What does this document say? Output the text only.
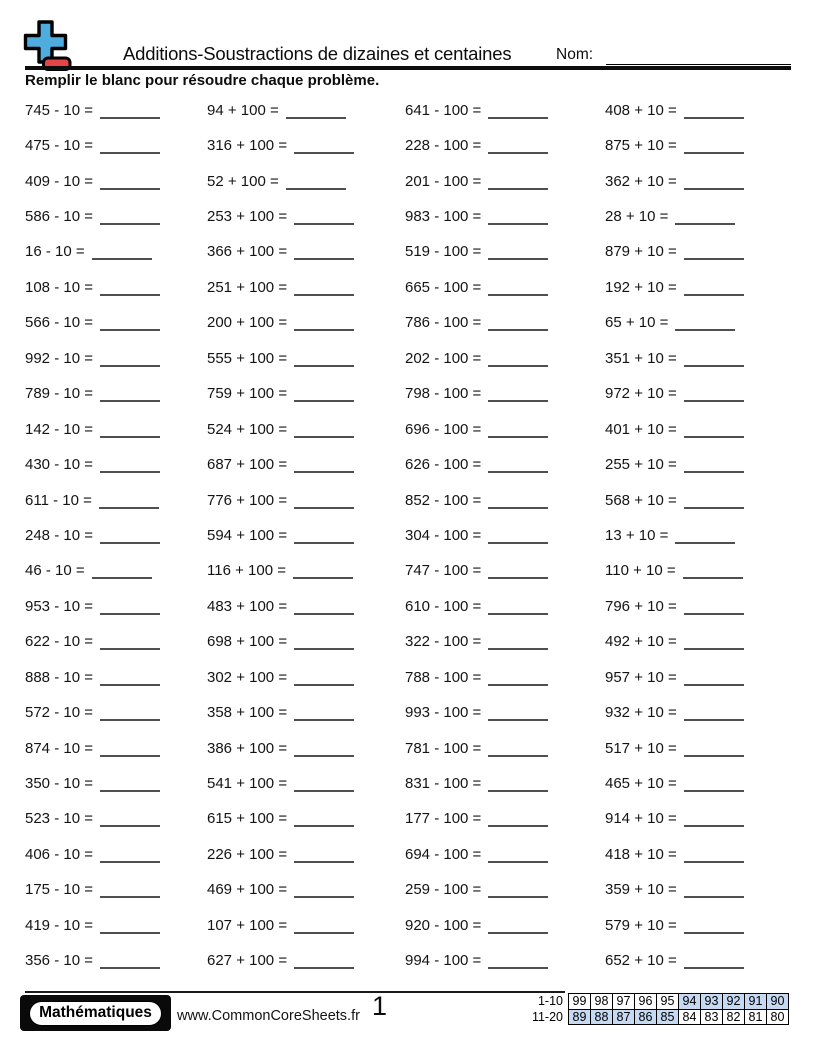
Additions-Soustractions de dizaines et centaines	Nom:

Remplir le blanc pour résoudre chaque problème.

745 - 10 =	94 + 100 =	641 - 100 =	408 + 10 =
475 - 10 =	316 + 100 =	228 - 100 =	875 + 10 =
409 - 10 =	52 + 100 =	201 - 100 =	362 + 10 =
586 - 10 =	253 + 100 =	983 - 100 =	28 + 10 =
16 - 10 =	366 + 100 =	519 - 100 =	879 + 10 =
108 - 10 =	251 + 100 =	665 - 100 =	192 + 10 =
566 - 10 =	200 + 100 =	786 - 100 =	65 + 10 =
992 - 10 =	555 + 100 =	202 - 100 =	351 + 10 =
789 - 10 =	759 + 100 =	798 - 100 =	972 + 10 =
142 - 10 =	524 + 100 =	696 - 100 =	401 + 10 =
430 - 10 =	687 + 100 =	626 - 100 =	255 + 10 =
611 - 10 =	776 + 100 =	852 - 100 =	568 + 10 =
248 - 10 =	594 + 100 =	304 - 100 =	13 + 10 =
46 - 10 =	116 + 100 =	747 - 100 =	110 + 10 =
953 - 10 =	483 + 100 =	610 - 100 =	796 + 10 =
622 - 10 =	698 + 100 =	322 - 100 =	492 + 10 =
888 - 10 =	302 + 100 =	788 - 100 =	957 + 10 =
572 - 10 =	358 + 100 =	993 - 100 =	932 + 10 =
874 - 10 =	386 + 100 =	781 - 100 =	517 + 10 =
350 - 10 =	541 + 100 =	831 - 100 =	465 + 10 =
523 - 10 =	615 + 100 =	177 - 100 =	914 + 10 =
406 - 10 =	226 + 100 =	694 - 100 =	418 + 10 =
175 - 10 =	469 + 100 =	259 - 100 =	359 + 10 =
419 - 10 =	107 + 100 =	920 - 100 =	579 + 10 =
356 - 10 =	627 + 100 =	994 - 100 =	652 + 10 =
Mathématiques	www.CommonCoreSheets.fr 1	1-10	99	98	97	96	95	94	93	92	91	90
11-20	89	88	87	86	85	84	83	82	81	80
